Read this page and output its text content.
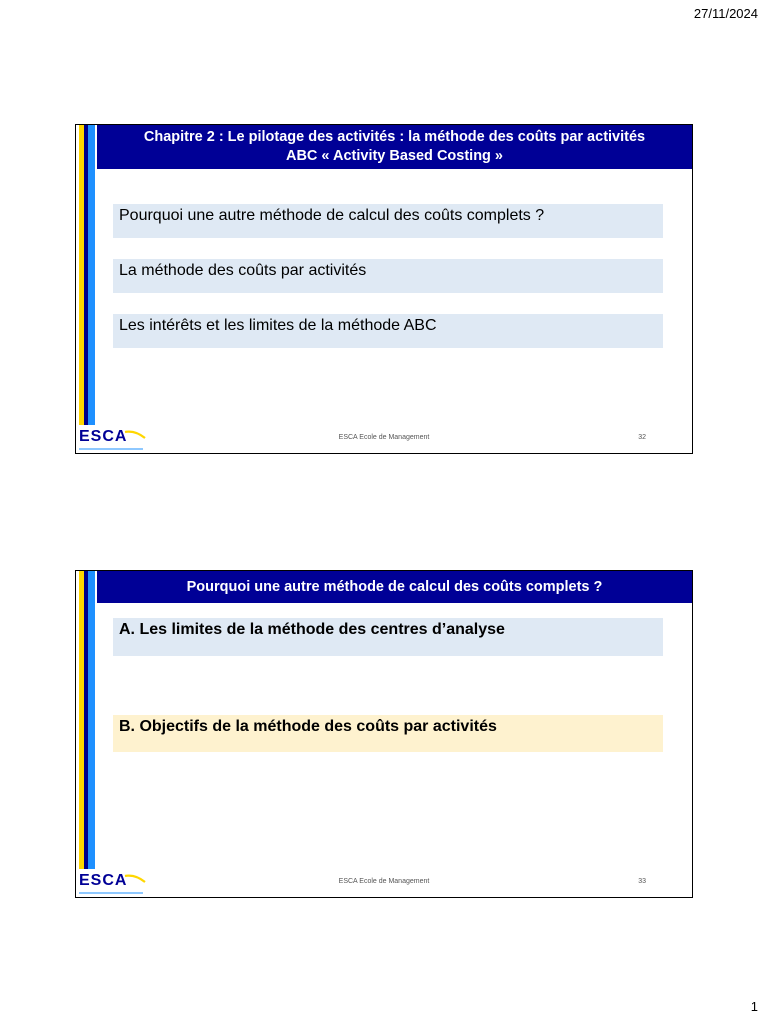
27/11/2024
Chapitre 2 : Le pilotage des activités : la méthode des coûts par activités
ABC « Activity Based Costing »
Pourquoi une autre méthode de calcul des coûts complets ?
La méthode des coûts par activités
Les intérêts et les limites de la méthode ABC
ESCA	ESCA Ecole de Management	32
Pourquoi une autre méthode de calcul des coûts complets ?
A. Les limites de la méthode des centres d’analyse
B. Objectifs de la méthode des coûts par activités
ESCA	ESCA Ecole de Management	33
1
